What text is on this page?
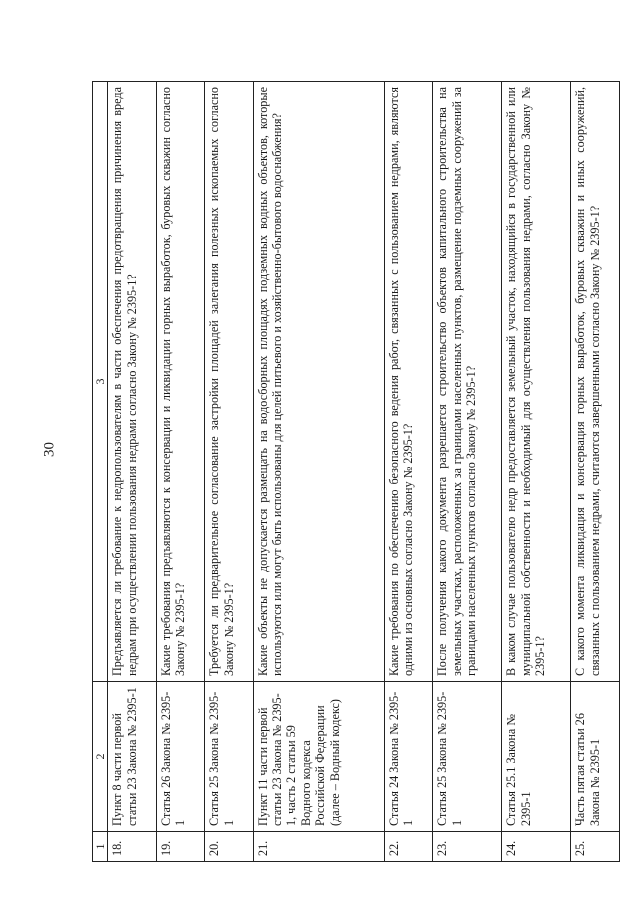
30
1	2	3
18.	Пункт 8 части первой статьи 23 Закона № 2395-1	Предъявляется ли требование к недропользователям в части обеспечения предотвращения причинения вреда недрам при осуществлении пользования недрами согласно Закону № 2395-1?
19.	Статья 26 Закона № 2395-1	Какие требования предъявляются к консервации и ликвидации горных выработок, буровых скважин согласно Закону № 2395-1?
20.	Статья 25 Закона № 2395-1	Требуется ли предварительное согласование застройки площадей залегания полезных ископаемых согласно Закону № 2395-1?
21.	Пункт 11 части первой статьи 23 Закона № 2395-1, часть 2 статьи 59 Водного кодекса Российской Федерации (далее – Водный кодекс)	Какие объекты не допускается размещать на водосборных площадях подземных водных объектов, которые используются или могут быть использованы для целей питьевого и хозяйственно-бытового водоснабжения?
22.	Статья 24 Закона № 2395-1	Какие требования по обеспечению безопасного ведения работ, связанных с пользованием недрами, являются одними из основных согласно Закону № 2395-1?
23.	Статья 25 Закона № 2395-1	После получения какого документа разрешается строительство объектов капитального строительства на земельных участках, расположенных за границами населенных пунктов, размещение подземных сооружений за границами населенных пунктов согласно Закону № 2395-1?
24.	Статья 25.1 Закона № 2395-1	В каком случае пользователю недр предоставляется земельный участок, находящийся в государственной или муниципальной собственности и необходимый для осуществления пользования недрами, согласно Закону № 2395-1?
25.	Часть пятая статьи 26 Закона № 2395-1	С какого момента ликвидация и консервация горных выработок, буровых скважин и иных сооружений, связанных с пользованием недрами, считаются завершенными согласно Закону № 2395-1?
